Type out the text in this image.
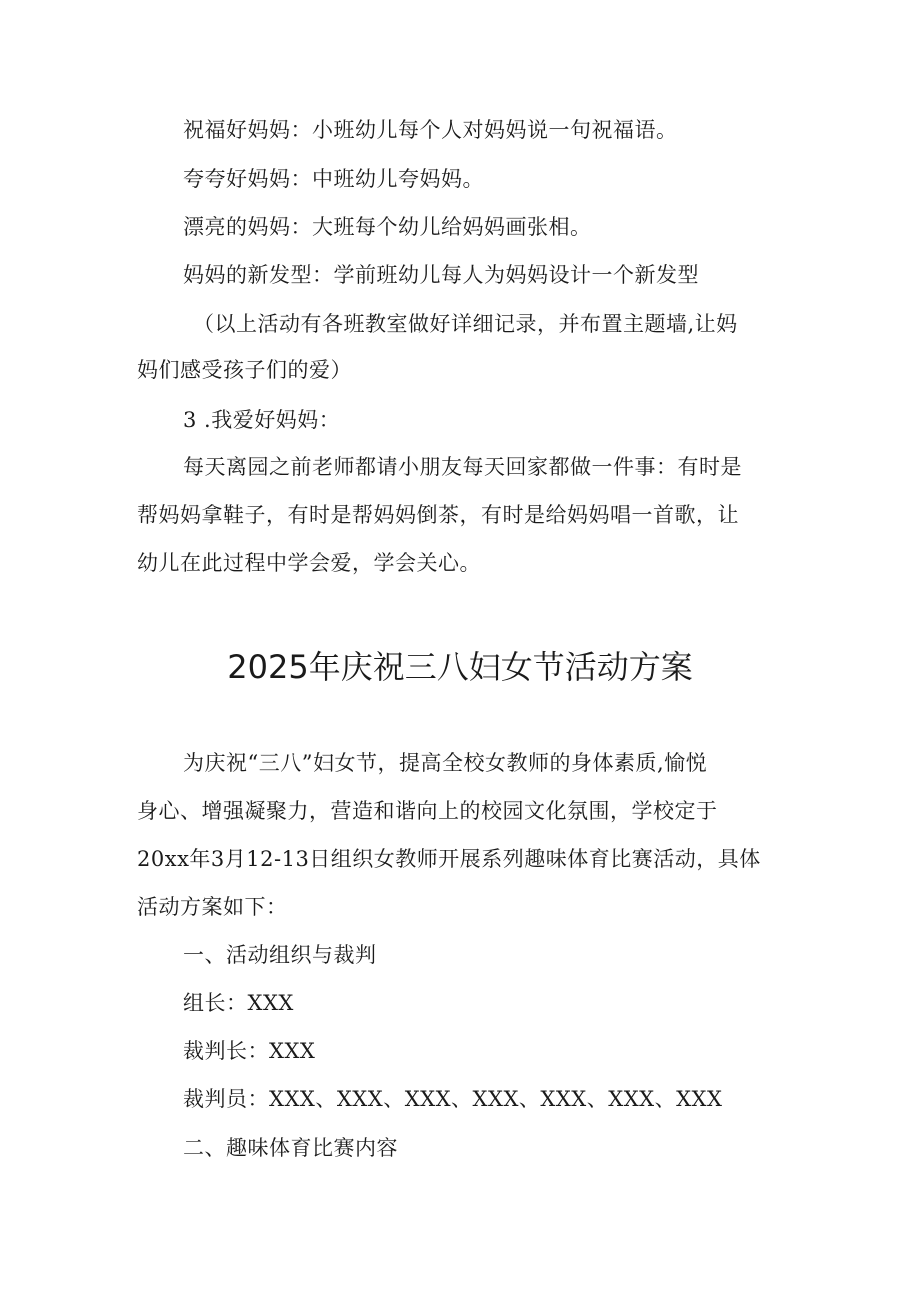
祝福好妈妈：小班幼儿每个人对妈妈说一句祝福语。

夸夸好妈妈：中班幼儿夸妈妈。

漂亮的妈妈：大班每个幼儿给妈妈画张相。

妈妈的新发型：学前班幼儿每人为妈妈设计一个新发型

（以上活动有各班教室做好详细记录，并布置主题墙,让妈

妈们感受孩子们的爱）

3 .我爱好妈妈：

每天离园之前老师都请小朋友每天回家都做一件事：有时是

帮妈妈拿鞋子，有时是帮妈妈倒茶，有时是给妈妈唱一首歌，让

幼儿在此过程中学会爱，学会关心。

2025年庆祝三八妇女节活动方案

为庆祝“三八”妇女节，提高全校女教师的身体素质,愉悦

身心、增强凝聚力，营造和谐向上的校园文化氛围，学校定于

20xx年3月12-13日组织女教师开展系列趣味体育比赛活动，具体

活动方案如下：

一、活动组织与裁判

组长：XXX

裁判长：XXX

裁判员：XXX、XXX、XXX、XXX、XXX、XXX、XXX

二、趣味体育比赛内容
